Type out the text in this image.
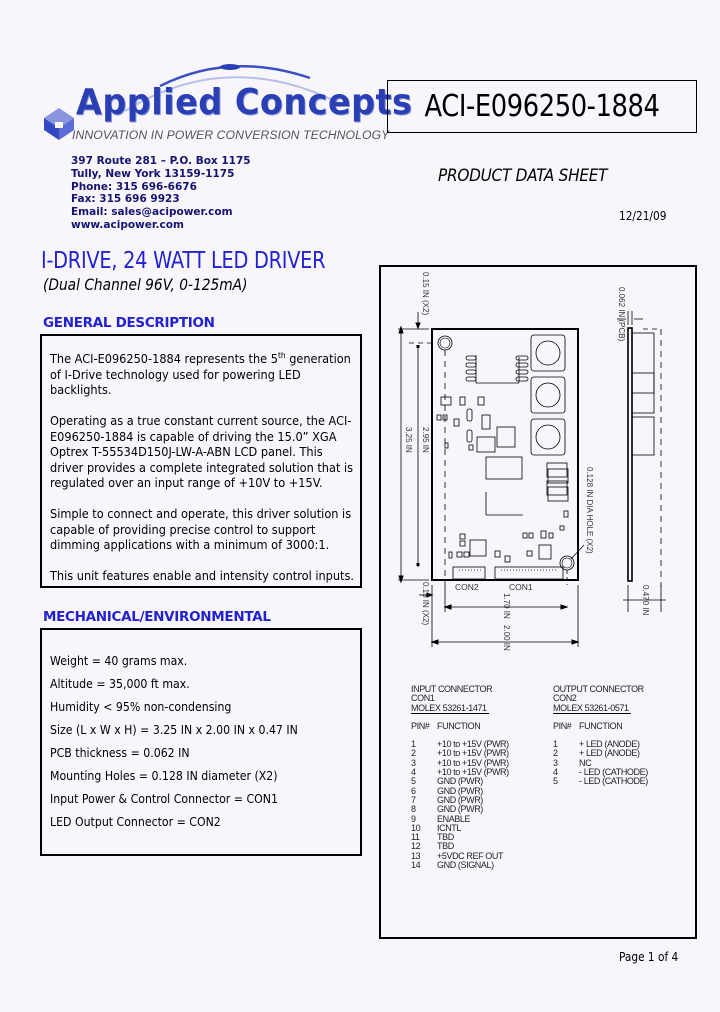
Applied Concepts
INNOVATION IN POWER CONVERSION TECHNOLOGY
397 Route 281 – P.O. Box 1175
Tully, New York 13159-1175
Phone: 315 696-6676
Fax: 315 696 9923
Email: sales@acipower.com
www.acipower.com
ACI-E096250-1884
PRODUCT DATA SHEET
12/21/09
I-DRIVE, 24 WATT LED DRIVER
(Dual Channel 96V, 0-125mA)
GENERAL DESCRIPTION

The ACI-E096250-1884 represents the 5th generation of I-Drive technology used for powering LED backlights.

Operating as a true constant current source, the ACI-E096250-1884 is capable of driving the 15.0” XGA Optrex T-55534D150J-LW-A-ABN LCD panel. This driver provides a complete integrated solution that is regulated over an input range of +10V to +15V.

Simple to connect and operate, this driver solution is capable of providing precise control to support dimming applications with a minimum of 3000:1.

This unit features enable and intensity control inputs.

MECHANICAL/ENVIRONMENTAL
Weight = 40 grams max.
Altitude = 35,000 ft max.
Humidity < 95% non-condensing
Size (L x W x H) = 3.25 IN x 2.00 IN x 0.47 IN
PCB thickness = 0.062 IN
Mounting Holes = 0.128 IN diameter (X2)
Input Power & Control Connector = CON1
LED Output Connector = CON2
0.15 IN (X2)
3.25 IN 2.95 IN
CON2	CON1
0.128 IN DIA HOLE (X2)
0.15 IN (X2)	1.70 IN
2.00 IN
0.062 IN (PCB)
0.470 IN
INPUT CONNECTOR
CON1
MOLEX 53261-1471
PIN# FUNCTION
1 +10 to +15V (PWR)
2 +10 to +15V (PWR)
3 +10 to +15V (PWR)
4 +10 to +15V (PWR)
5 GND (PWR)
6 GND (PWR)
7 GND (PWR)
8 GND (PWR)
9 ENABLE
10 ICNTL
11 TBD
12 TBD
13 +5VDC REF OUT
14 GND (SIGNAL)
OUTPUT CONNECTOR
CON2
MOLEX 53261-0571
PIN# FUNCTION
1 + LED (ANODE)
2 + LED (ANODE)
3 NC
4 - LED (CATHODE)
5 - LED (CATHODE)
Page 1 of 4
